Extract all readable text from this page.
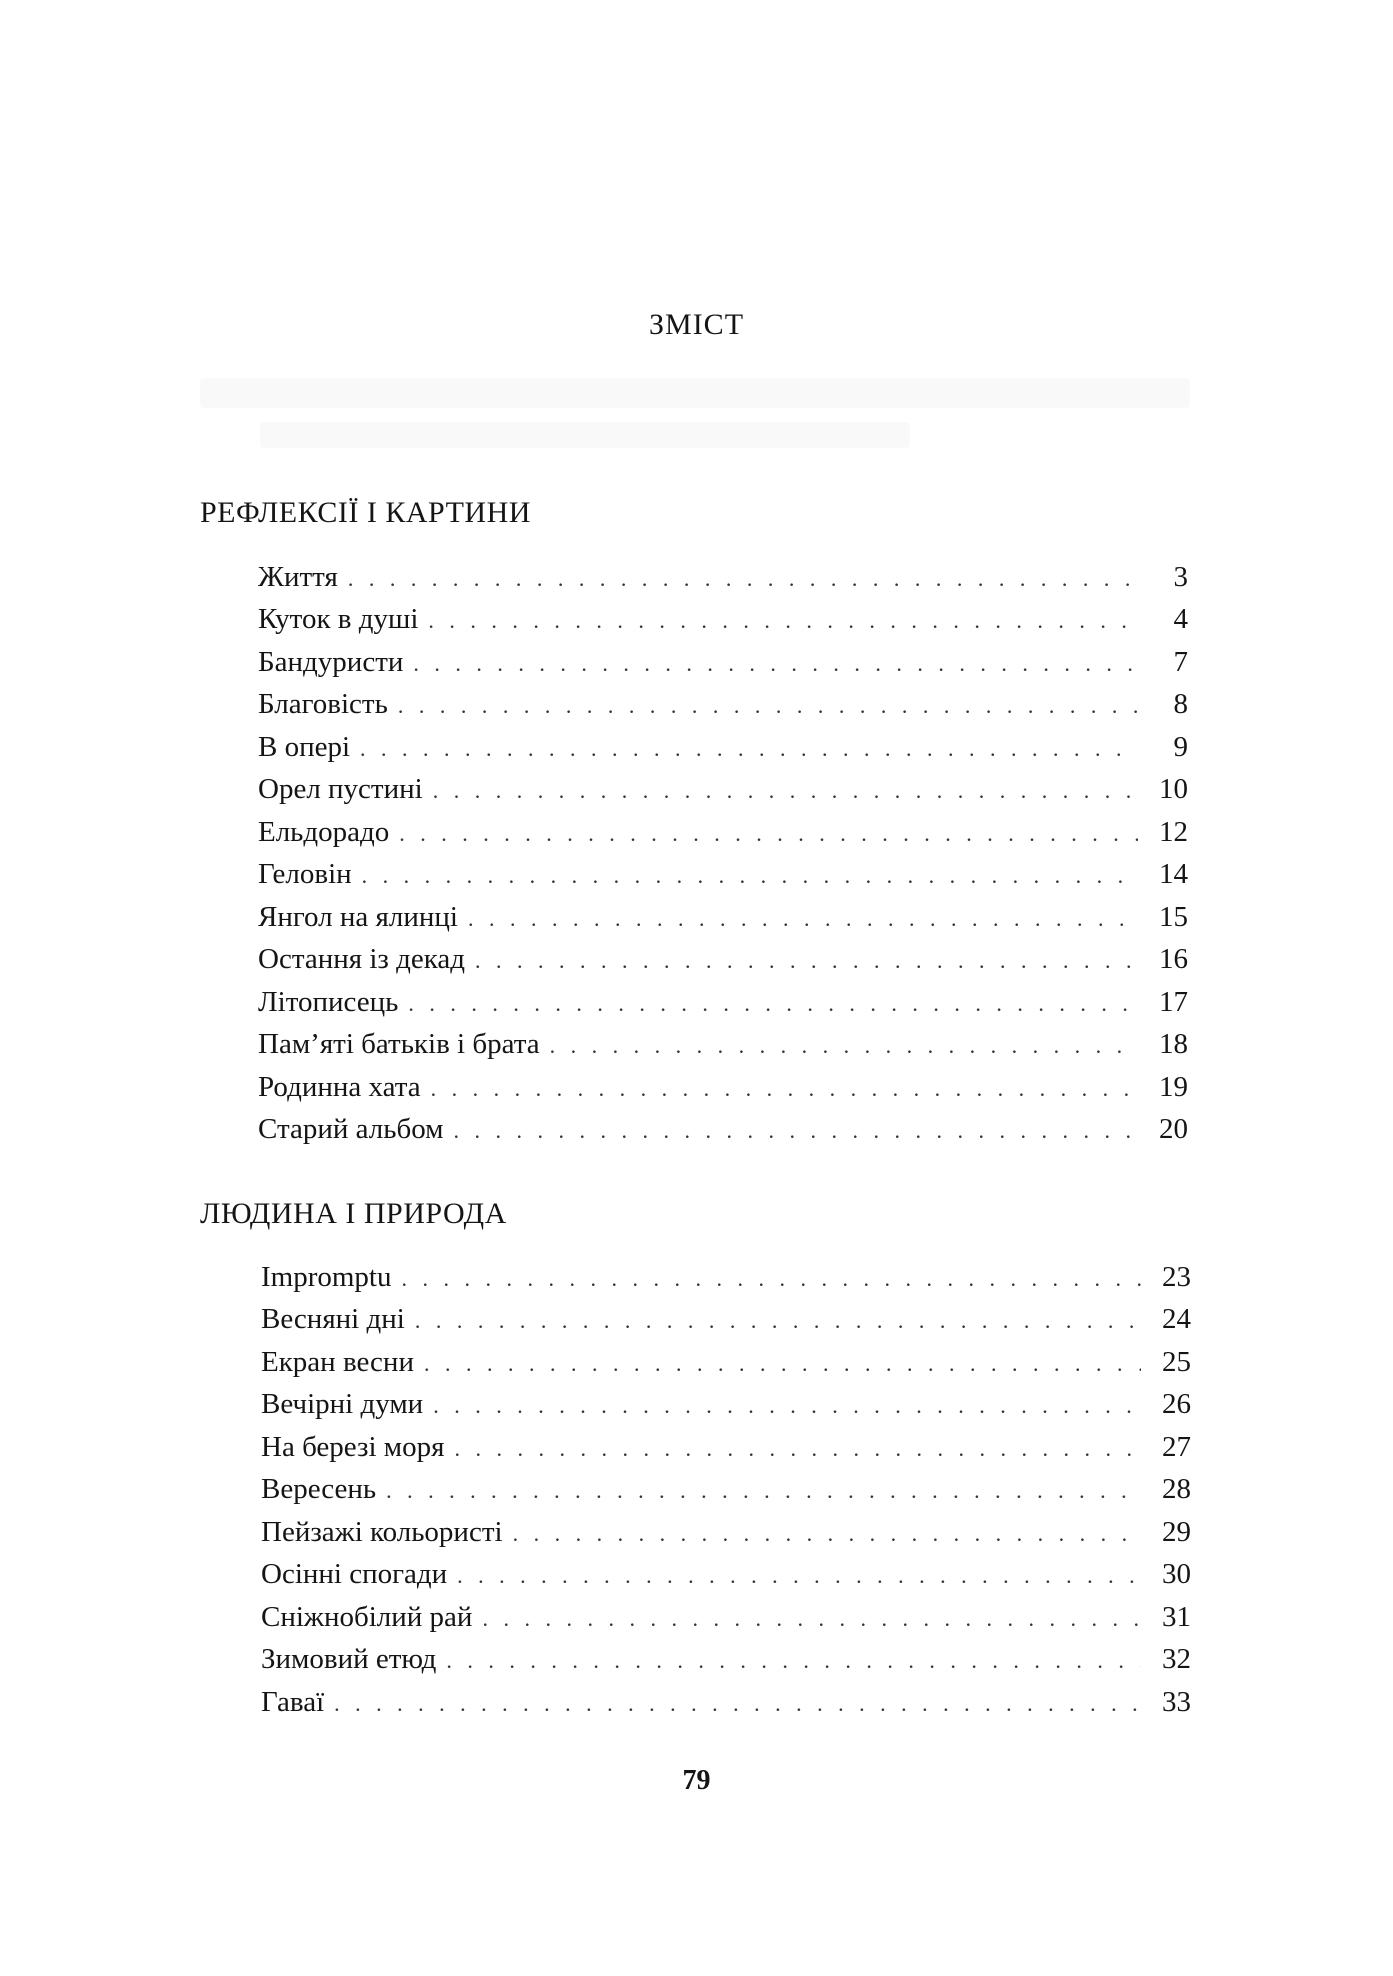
ЗМІСТ
РЕФЛЕКСІЇ І КАРТИНИ
Життя . . .	3
Куток в душі . . .	4
Бандуристи . . .	7
Благовість . . .	8
В опері . . .	9
Орел пустині . . .	10
Ельдорадо . . .	12
Геловін . . .	14
Янгол на ялинці . . .	15
Остання із декад . . .	16
Літописець . . .	17
Пам’яті батьків і брата . . .	18
Родинна хата . . .	19
Старий альбом . . .	20
ЛЮДИНА І ПРИРОДА
Impromptu . . .	23
Весняні дні . . .	24
Екран весни . . .	25
Вечірні думи . . .	26
На березі моря . . .	27
Вересень . . .	28
Пейзажі кольористі . . .	29
Осінні спогади . . .	30
Сніжнобілий рай . . .	31
Зимовий етюд . . .	32
Гаваї . . .	33
79
